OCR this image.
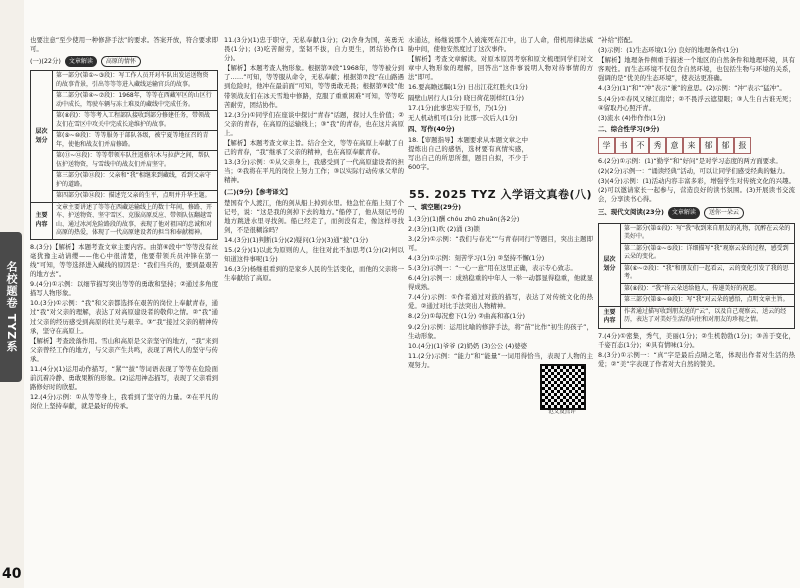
名校题卷 TYZ系
40

也要注意“至少使用一种修辞手法”的要求。答案开放，符合要求即可。

(一)(22分)	文章解读	高原的情怀
层次划分
第一部分(第①~③段)：写工作人员开对车队出发运送物资的故事背景，引出等等等进入藏线运输官兵的故事。
第二部分(第④~⑦段)：1968年，等等在西藏军区的山区行动中成长，驾驶车辆与冻土难及的藏线中完成任务。
第(⑧段)：等等考入工程部队接收到部分修建任务，带领战友们在雪区中攻关中完成长途维护的故事。
第(⑨~⑩段)：等等服务于部队各级，被宁夏等地征召的青年，使他和战友们并肩修路。
第(⑪~⑫段)：等等带领车队往返格尔木与拉萨之间，帮队伍护送物资，与雪线中的战友们并肩坚守。
第三部分(第⑬段)：父亲和“我”相继来到藏线，看到父亲守护的道路。
第四部分(第⑭段)：描述完父亲的生平，点明并升华主题。
主要内容
文章主要讲述了等等在西藏运输线上的数十年间，修路、开车、护送物资、坚守雪区、克服高原反应、带领队伍翻越雪山、通过冰河危险路段的故事，表现了他对祖国的忠诚和对高原的热爱，体现了一代高原建设者的担当和奉献精神。

8.(3分)【解析】本题考查文章主要内容。由第⑥段中“等等没有丝毫犹豫主动请缨——他心中很清楚，他要带领兵员冲锋在第一线”可知，等等选择进入藏线的原因是：“我们当兵的，要到最艰苦的地方去”。

9.(4分)①示例：以细节描写突出等等的勇敢和坚持；②通过多角度描写人物形象。

10.(3分)①示例：“我”和父亲都选择在艰苦的岗位上奉献青春，通过“我”对父亲的理解，表达了对高原建设者的敬仰之情。②“我”通过父亲的经历感受到高原的壮美与艰辛。③“我”接过父亲的精神传承，坚守在高原上。

【解析】考查段落作用。雪山和高原是父亲坚守的地方，“我”来到父亲曾经工作的地方，与父亲产生共鸣，表现了两代人的坚守与传承。

11.(4分)(1)运用动作描写，“紧”“拔”等词语表现了等等在危险面前沉着冷静、勇敢果断的形象。(2)运用神态描写，表现了父亲看到路修好时的欣慰。

12.(4分)示例：①从等等身上，我看到了坚守的力量。②在平凡的岗位上坚持奉献，就是最好的传承。

11.(3分)(1)忠于职守，无私奉献(1分)；(2)舍身为国，英勇无畏(1分)；(3)吃苦耐劳，坚韧不拔，自力更生，团结协作(1分)。

【解析】本题考查人物形象。根据第③段“1968年，等等被分到了……”可知，等等服从命令，无私奉献；根据第⑦段“在山路遇到危险时，他冲在最前面”可知，等等勇敢无畏；根据第⑨段“他带领战友们在冰天雪地中修路，克服了重重困难”可知，等等吃苦耐劳，团结协作。

12.(3分)①同学们在座谈中探讨“青春”话题，探讨人生价值；②父亲的青春，在高原的运输线上；③“我”的青春，也在这片高原上。

【解析】本题考查文章主旨。结合全文，等等在高原上奉献了自己的青春，“我”继承了父亲的精神，也在高原奉献青春。

13.(3分)示例：①从父亲身上，我感受到了一代高原建设者的担当；②我将在平凡的岗位上努力工作；③以实际行动传承父辈的精神。

(二)(9分)【参考译文】

楚国有个人渡江，他的剑从船上掉到水里。他急忙在船上刻了个记号，说：“这是我的剑掉下去的地方。”船停了，他从刻记号的地方跳进水里寻找剑。船已经走了，而剑没有走，像这样寻找剑，不是很糊涂吗？

14.(3分)(1)判断(1分)(2)疑问(1分)(3)通“披”(1分)

15.(2分)(1)以此为原则的人，往往对此不加思考(1分)(2)何以知道这件事呢(1分)

16.(3分)杨继祖看到的是家乡人民的生活变化，而他的父亲将一生奉献给了高原。

水通达，杨继说那个人被淹死在江中，出了人命，借机用律法威胁中间，使他安然度过了这次事件。

【解析】考查文章解读。对原本原因考察和原文梳理同学们对文章中人物形象的理解，回答出“这件事说明人物对待事情的方法”即可。

16.要高瞻远瞩(1分) 日出江花红胜火(1分)

隔壁山居行人(1分) 晓日荷花别样红(1分)

17.(1分)此事忠实于原书，乃(1分)

无人机动机可(1分) 比那一次后人(1分)

四、写作(40分)

18.【审题指导】本题要求从本题文章之中提炼出自己的感悟，选材要有真情实感，写出自己的所思所想，题目自拟，不少于600字。

范文及点评
55. 2025 TYZ 入学语文真卷(八)

一、填空题(29分)

1.(3分)(1)酬 chóu zhǔ zhuǎn(各2分)

2.(3分)(1)吹 (2)涌 (3)锁

3.(2分)①示例：“我们与春光”“与青春同行”等题目，突出主题即可。

4.(3分)①示例：刻苦学习(1分) ②坚持不懈(1分)

5.(3分)示例一：“一心一意”用在这里正确，表示专心致志。

6.(4分)示例一：成熟稳重的中年人 一举一动都显得稳重，他就显得成熟。

7.(4分)示例：①作者通过对鼓的描写，表达了对传统文化的热爱。②通过对比手法突出人物精神。

8.(2分)①每况愈下(1分) ②曲高和寡(1分)

9.(2分)示例：运用比喻的修辞手法，将“苗”比作“初生的孩子”，生动形象。

10.(4分)(1)爷爷 (2)奶奶 (3)公公 (4)婆婆

11.(2分)示例：“能力”和“能量”一词用得恰当，表现了人物的主观努力。

“补给”搭配。

(3)示例：(1)生态环境(1分) 良好的地理条件(1分)

【解析】地理条件侧重于描述一个地区的自然条件和地理环境，具有客观性。而生态环境不仅包含自然环境，也包括生物与环境的关系，强调的是“优美的生态环境”，使表达更准确。

4.(3分)(1)“和”“冲”表示“兼”的意思。(2)示例：“冲”表示“猛冲”。

5.(4分)①春风又绿江南岸；②不畏浮云遮望眼；③人生自古谁无死；④留取丹心照汗青。

(3)流水 (4)作作作(1分)

二、综合性学习(9分)

学	书	不	秀	意	来	郁	郁	报

6.(2分)①示例：(1)“勤学”和“好问”是对学习态度的两方面要求。

(2)(2分)示例一：“诵读经典”活动，可以让同学们感受经典的魅力。

(3)(4分)示例：(1)活动内容丰富多彩，增强学生对传统文化的兴趣。(2)可以邀请家长一起参与，营造良好的读书氛围。(3)开展读书交流会，分享读书心得。

三、现代文阅读(23分)	文章解读	送你一朵云
层次划分
第一部分(第①段)：写“我”收到来自朋友的礼物，沉醉在云朵的美好中。
第二部分(第②~⑤段)：详细描写“我”观察云朵的过程，感受到云朵的变化。
第(⑥~⑦段)：“我”和朋友们一起看云，云的变化引发了我的思考。
第(⑧段)：“我”将云朵送给他人，传递美好的祝愿。
第三部分(第⑨~⑩段)：写“我”对云朵的感悟，点明文章主旨。
主要内容
作者通过描写收到朋友送的“云”，以及自己观察云、送云的经历，表达了对美好生活的向往和对朋友的珍视之情。

7.(4分)①密集，秀气，美丽(1分)；②生机勃勃(1分)；③善于变化，千姿百态(1分)；④具有情味(1分)。

8.(3分)①示例一：“真”字是最后点睛之笔，体现出作者对生活的热爱；②“美”字表现了作者对大自然的赞美。
